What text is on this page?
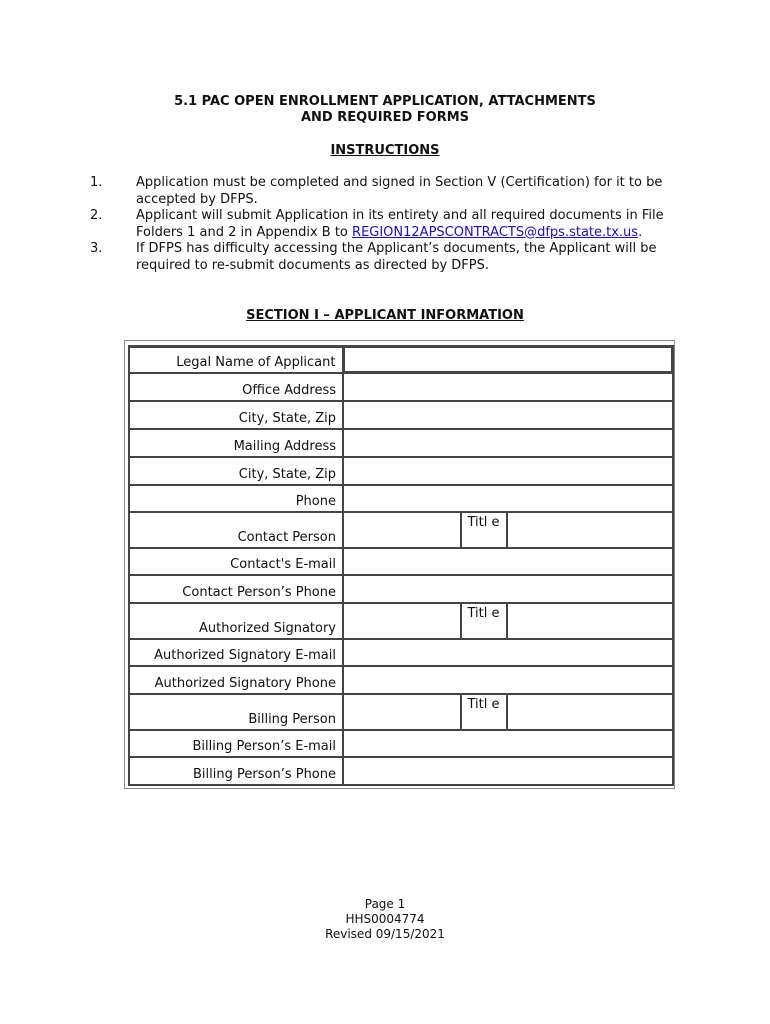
5.1 PAC OPEN ENROLLMENT APPLICATION, ATTACHMENTS
AND REQUIRED FORMS
INSTRUCTIONS
1.	Application must be completed and signed in Section V (Certification) for it to be accepted by DFPS.
2.	Applicant will submit Application in its entirety and all required documents in File Folders 1 and 2 in Appendix B to REGION12APSCONTRACTS@dfps.state.tx.us.
3.	If DFPS has difficulty accessing the Applicant’s documents, the Applicant will be required to re-submit documents as directed by DFPS.
SECTION I – APPLICANT INFORMATION
Legal Name of Applicant			
Office Address			
City, State, Zip			
Mailing Address			
City, State, Zip			
Phone			
Contact Person		Titl e	
Contact's E-mail			
Contact Person’s Phone			
Authorized Signatory		Titl e	
Authorized Signatory E-mail			
Authorized Signatory Phone			
Billing Person		Titl e	
Billing Person’s E-mail			
Billing Person’s Phone			
Page 1
HHS0004774
Revised 09/15/2021
